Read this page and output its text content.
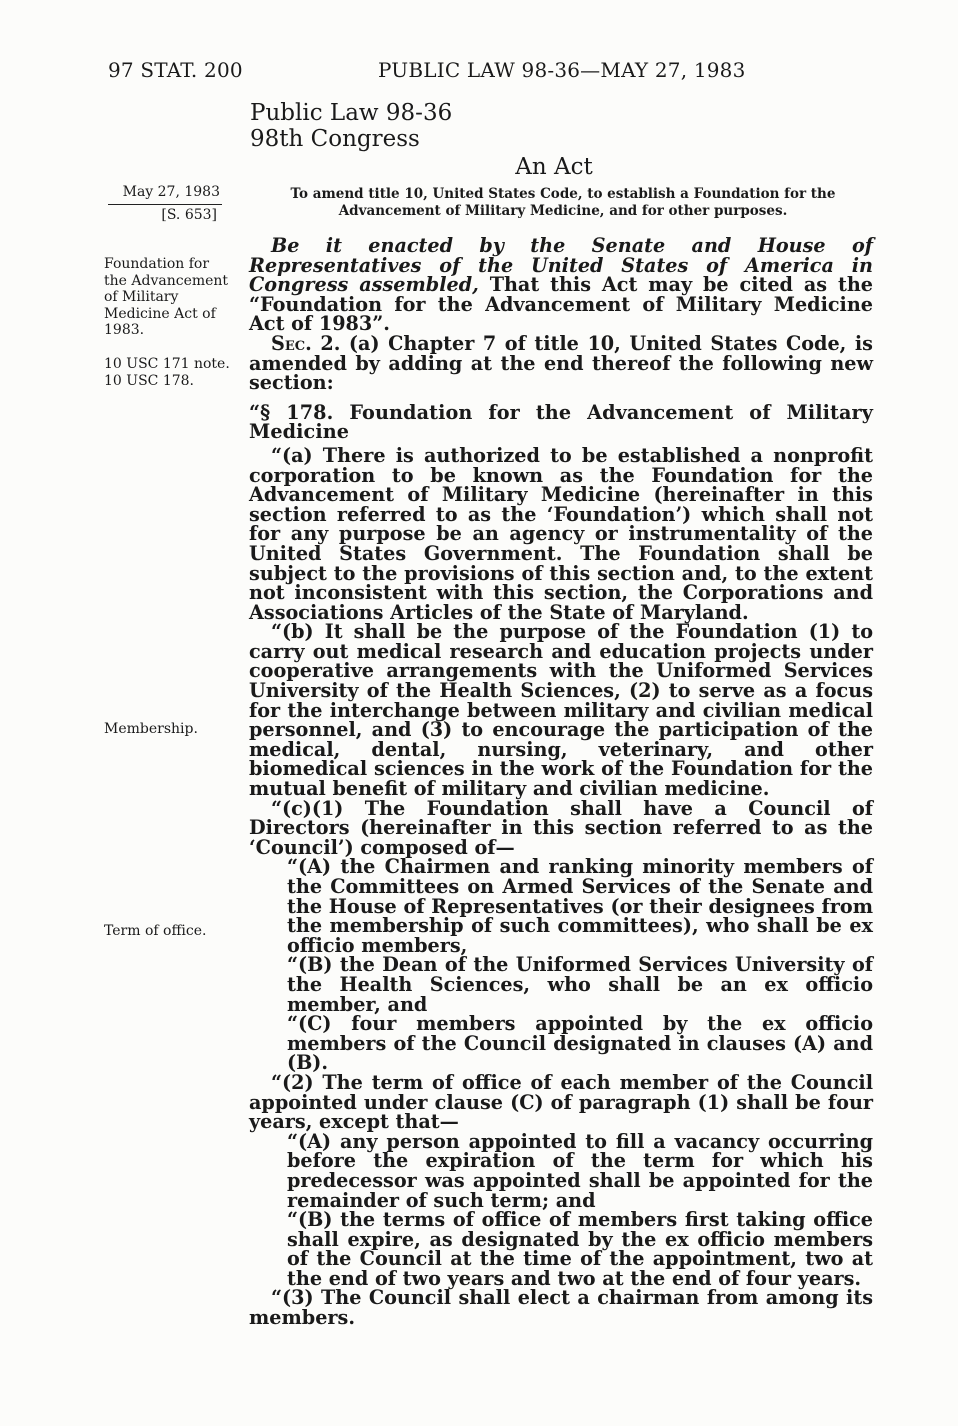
97 STAT. 200	PUBLIC LAW 98-36—MAY 27, 1983
Public Law 98-36
98th Congress
An Act
To amend title 10, United States Code, to establish a Foundation for the Advancement of Military Medicine, and for other purposes.
May 27, 1983
[S. 653]
Foundation for the Advancement of Military Medicine Act of 1983.
10 USC 171 note.
10 USC 178.
Membership.
Term of office.

Be it enacted by the Senate and House of Representatives of the United States of America in Congress assembled, That this Act may be cited as the “Foundation for the Advancement of Military Medicine Act of 1983”.

Sec. 2. (a) Chapter 7 of title 10, United States Code, is amended by adding at the end thereof the following new section:

“§ 178. Foundation for the Advancement of Military Medicine

“(a) There is authorized to be established a nonprofit corporation to be known as the Foundation for the Advancement of Military Medicine (hereinafter in this section referred to as the ‘Foundation’) which shall not for any purpose be an agency or instrumentality of the United States Government. The Foundation shall be subject to the provisions of this section and, to the extent not inconsistent with this section, the Corporations and Associations Articles of the State of Maryland.

“(b) It shall be the purpose of the Foundation (1) to carry out medical research and education projects under cooperative arrangements with the Uniformed Services University of the Health Sciences, (2) to serve as a focus for the interchange between military and civilian medical personnel, and (3) to encourage the participation of the medical, dental, nursing, veterinary, and other biomedical sciences in the work of the Foundation for the mutual benefit of military and civilian medicine.

“(c)(1) The Foundation shall have a Council of Directors (hereinafter in this section referred to as the ‘Council’) composed of—

“(A) the Chairmen and ranking minority members of the Committees on Armed Services of the Senate and the House of Representatives (or their designees from the membership of such committees), who shall be ex officio members,

“(B) the Dean of the Uniformed Services University of the Health Sciences, who shall be an ex officio member, and

“(C) four members appointed by the ex officio members of the Council designated in clauses (A) and (B).

“(2) The term of office of each member of the Council appointed under clause (C) of paragraph (1) shall be four years, except that—

“(A) any person appointed to fill a vacancy occurring before the expiration of the term for which his predecessor was appointed shall be appointed for the remainder of such term; and

“(B) the terms of office of members first taking office shall expire, as designated by the ex officio members of the Council at the time of the appointment, two at the end of two years and two at the end of four years.

“(3) The Council shall elect a chairman from among its members.
